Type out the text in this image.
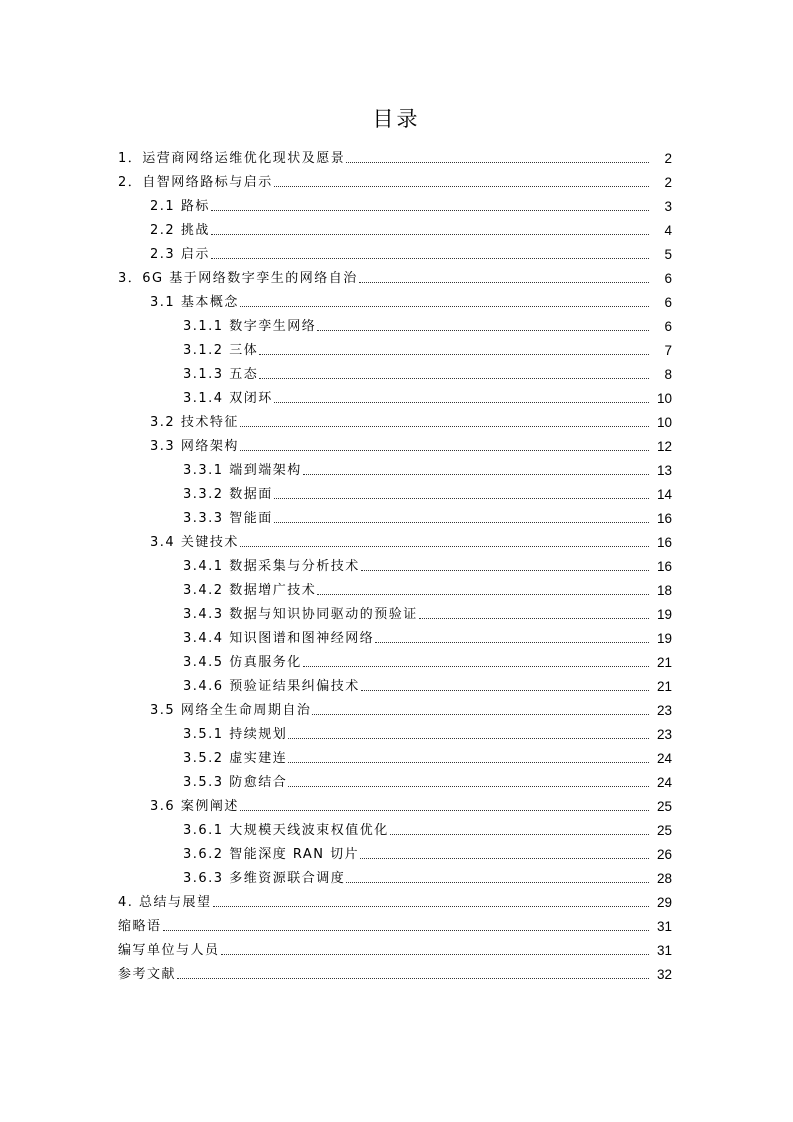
目录
1． 运营商网络运维优化现状及愿景	2
2． 自智网络路标与启示	2
2.1 路标	3
2.2 挑战	4
2.3 启示	5
3． 6G 基于网络数字孪生的网络自治	6
3.1 基本概念	6
3.1.1 数字孪生网络	6
3.1.2 三体	7
3.1.3 五态	8
3.1.4 双闭环	10
3.2 技术特征	10
3.3 网络架构	12
3.3.1 端到端架构	13
3.3.2 数据面	14
3.3.3 智能面	16
3.4 关键技术	16
3.4.1 数据采集与分析技术	16
3.4.2 数据增广技术	18
3.4.3 数据与知识协同驱动的预验证	19
3.4.4 知识图谱和图神经网络	19
3.4.5 仿真服务化	21
3.4.6 预验证结果纠偏技术	21
3.5 网络全生命周期自治	23
3.5.1 持续规划	23
3.5.2 虚实建连	24
3.5.3 防愈结合	24
3.6 案例阐述	25
3.6.1 大规模天线波束权值优化	25
3.6.2 智能深度 RAN 切片	26
3.6.3 多维资源联合调度	28
4. 总结与展望	29
缩略语	31
编写单位与人员	31
参考文献	32
